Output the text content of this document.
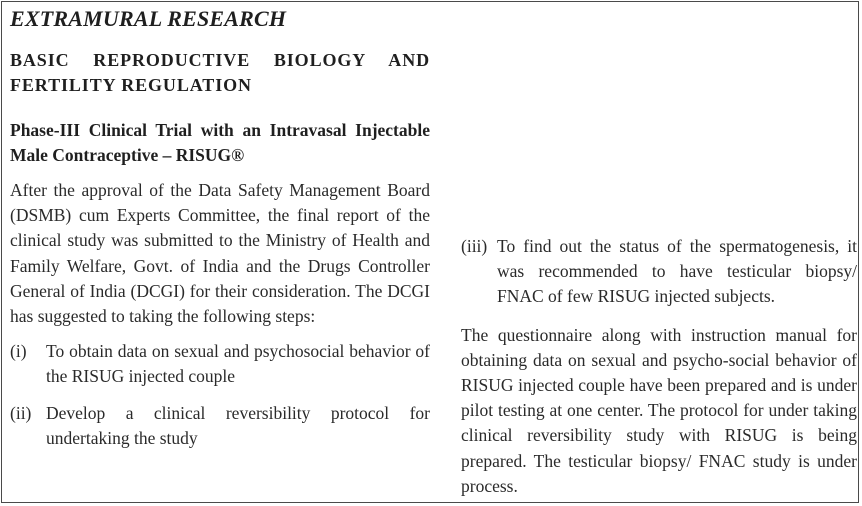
EXTRAMURAL RESEARCH
BASIC REPRODUCTIVE BIOLOGY AND FERTILITY REGULATION
Phase-III Clinical Trial with an Intravasal Injectable Male Contraceptive – RISUG®
After the approval of the Data Safety Management Board (DSMB) cum Experts Committee, the final report of the clinical study was submitted to the Ministry of Health and Family Welfare, Govt. of India and the Drugs Controller General of India (DCGI) for their consideration. The DCGI has suggested to taking the following steps:
(i)	To obtain data on sexual and psychosocial behavior of the RISUG injected couple
(ii) Develop a clinical reversibility protocol for undertaking the study
(iii) To find out the status of the spermatogenesis, it was recommended to have testicular biopsy/ FNAC of few RISUG injected subjects.
The questionnaire along with instruction manual for obtaining data on sexual and psycho-social behavior of RISUG injected couple have been prepared and is under pilot testing at one center. The protocol for under taking clinical reversibility study with RISUG is being prepared. The testicular biopsy/ FNAC study is under process.
